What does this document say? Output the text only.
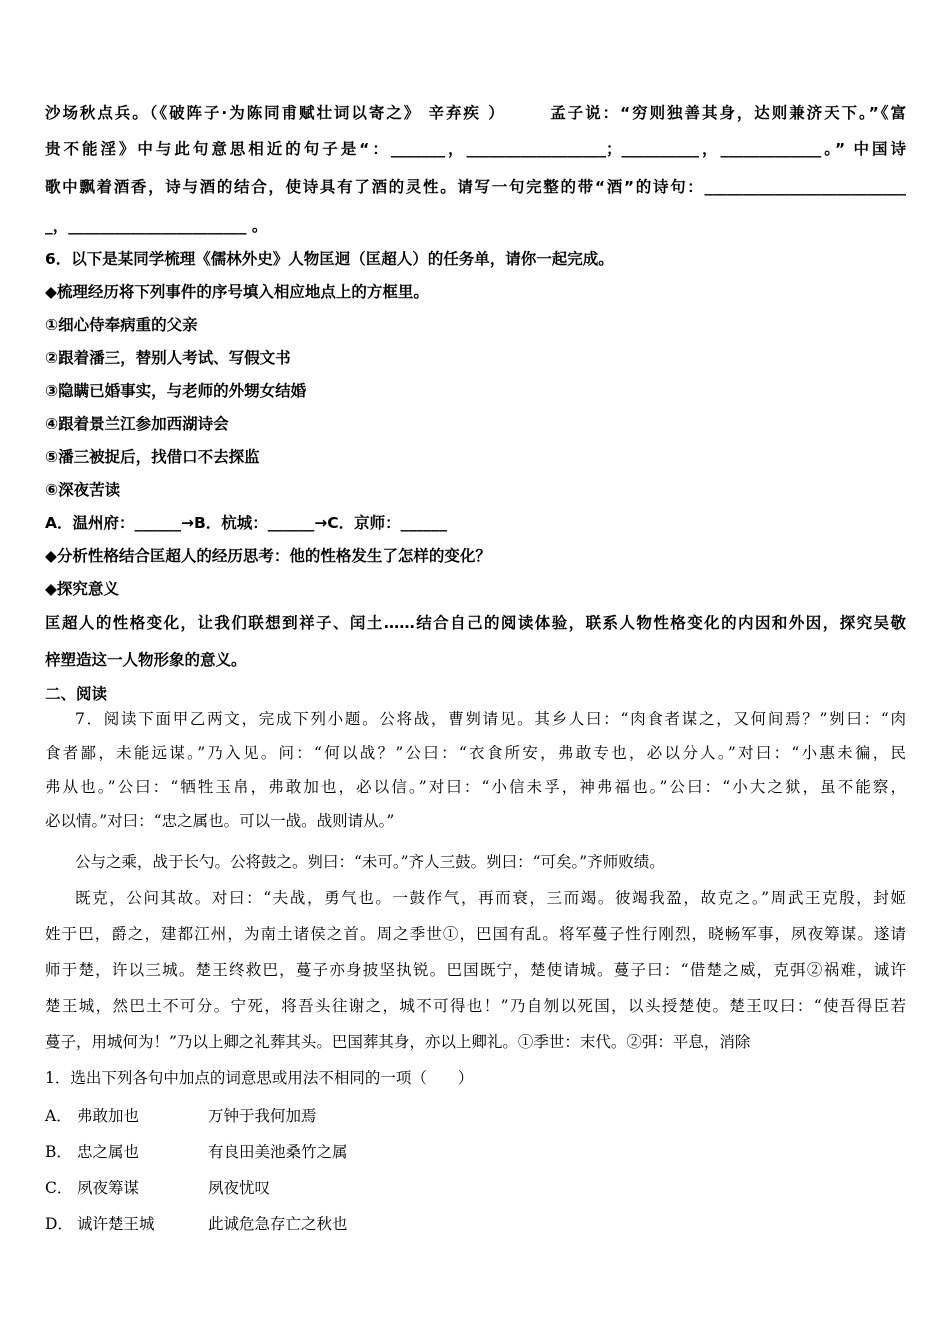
沙场秋点兵。（《破阵子·为陈同甫赋壮词以寄之》 辛弃疾 ）　　　孟子说：“穷则独善其身，达则兼济天下。”《富
贵不能淫》中与此句意思相近的句子是“：_______，__________________；__________，_____________。” 中国诗
歌中飘着酒香，诗与酒的结合，使诗具有了酒的灵性。请写一句完整的带“酒”的诗句：__________________________
_，_______________________ 。
6．以下是某同学梳理《儒林外史》人物匡迥（匡超人）的任务单，请你一起完成。
◆梳理经历将下列事件的序号填入相应地点上的方框里。
①细心侍奉病重的父亲
②跟着潘三，替别人考试、写假文书
③隐瞒已婚事实，与老师的外甥女结婚
④跟着景兰江参加西湖诗会
⑤潘三被捉后，找借口不去探监
⑥深夜苦读
A．温州府：______→B．杭城：______→C．京师：______
◆分析性格结合匡超人的经历思考：他的性格发生了怎样的变化？
◆探究意义
匡超人的性格变化，让我们联想到祥子、闰土……结合自己的阅读体验，联系人物性格变化的内因和外因，探究吴敬
梓塑造这一人物形象的意义。
二、阅读
7．阅读下面甲乙两文，完成下列小题。公将战，曹刿请见。其乡人曰：“肉食者谋之，又何间焉？”刿曰：“肉
食者鄙，未能远谋。”乃入见。问：“何以战？”公曰：“衣食所安，弗敢专也，必以分人。”对曰：“小惠未徧，民
弗从也。”公曰：“牺牲玉帛，弗敢加也，必以信。”对曰：“小信未孚，神弗福也。”公曰：“小大之狱，虽不能察，
必以情。”对曰：“忠之属也。可以一战。战则请从。”
公与之乘，战于长勺。公将鼓之。刿曰：“未可。”齐人三鼓。刿曰：“可矣。”齐师败绩。
既克，公问其故。对曰：“夫战，勇气也。一鼓作气，再而衰，三而竭。彼竭我盈，故克之。”周武王克殷，封姬
姓于巴，爵之，建都江州，为南土诸侯之首。周之季世①，巴国有乱。将军蔓子性行刚烈，晓畅军事，夙夜筹谋。遂请
师于楚，许以三城。楚王终救巴，蔓子亦身披坚执锐。巴国既宁，楚使请城。蔓子曰：“借楚之威，克弭②祸难，诚许
楚王城，然巴土不可分。宁死，将吾头往谢之，城不可得也！”乃自刎以死国，以头授楚使。楚王叹曰：“使吾得臣若
蔓子，用城何为！”乃以上卿之礼葬其头。巴国葬其身，亦以上卿礼。①季世：末代。②弭：平息，消除
1．选出下列各句中加点的词意思或用法不相同的一项（　　）
A． 弗敢加也	万钟于我何加焉
B． 忠之属也	有良田美池桑竹之属
C． 夙夜筹谋	夙夜忧叹
D． 诚许楚王城	此诚危急存亡之秋也
